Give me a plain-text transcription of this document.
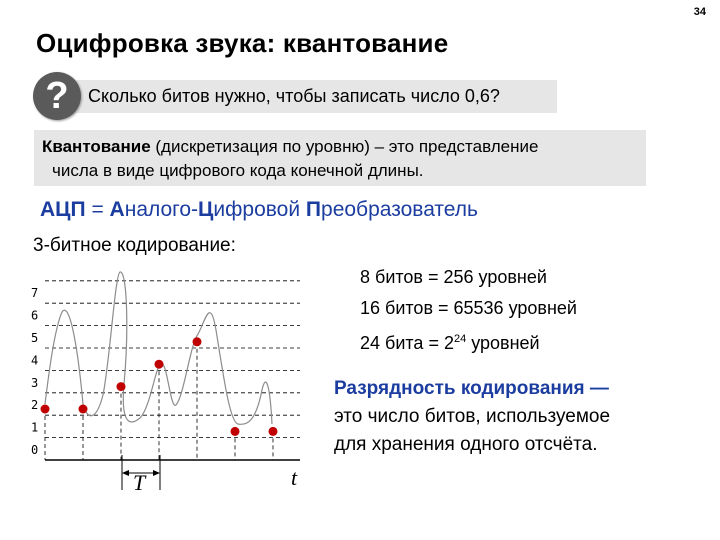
34
Оцифровка звука: квантование
Сколько битов нужно, чтобы записать число 0,6?
?
Квантование (дискретизация по уровню) – это представление
числа в виде цифрового кода конечной длины.
АЦП = Аналого-Цифровой Преобразователь
3-битное кодирование:
8 битов = 256 уровней
16 битов = 65536 уровней
24 бита = $2^{24}$ уровней
Разрядность кодирования —
это число битов, используемое
для хранения одного отсчёта.
0
1
2
3
4
5
6
7
T	t
